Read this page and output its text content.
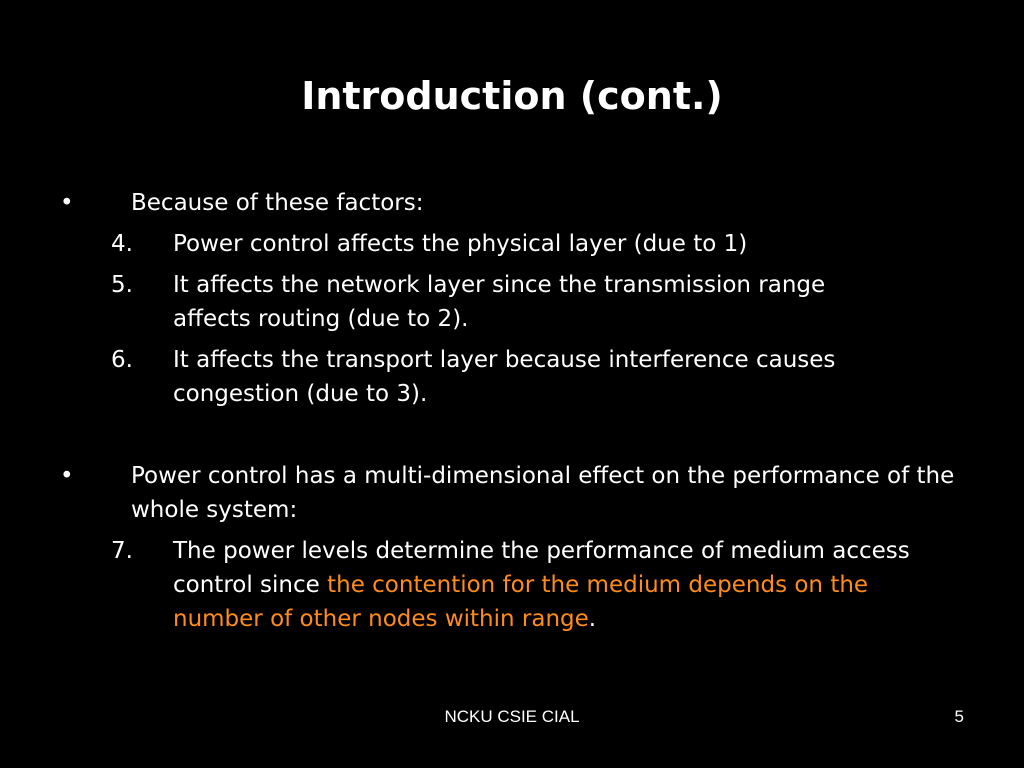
Introduction (cont.)
• Because of these factors:
4. Power control affects the physical layer (due to 1)
5. It affects the network layer since the transmission range affects routing (due to 2).
6. It affects the transport layer because interference causes congestion (due to 3).
• Power control has a multi-dimensional effect on the performance of the whole system:
7. The power levels determine the performance of medium access control since the contention for the medium depends on the number of other nodes within range.
NCKU CSIE CIAL	5
